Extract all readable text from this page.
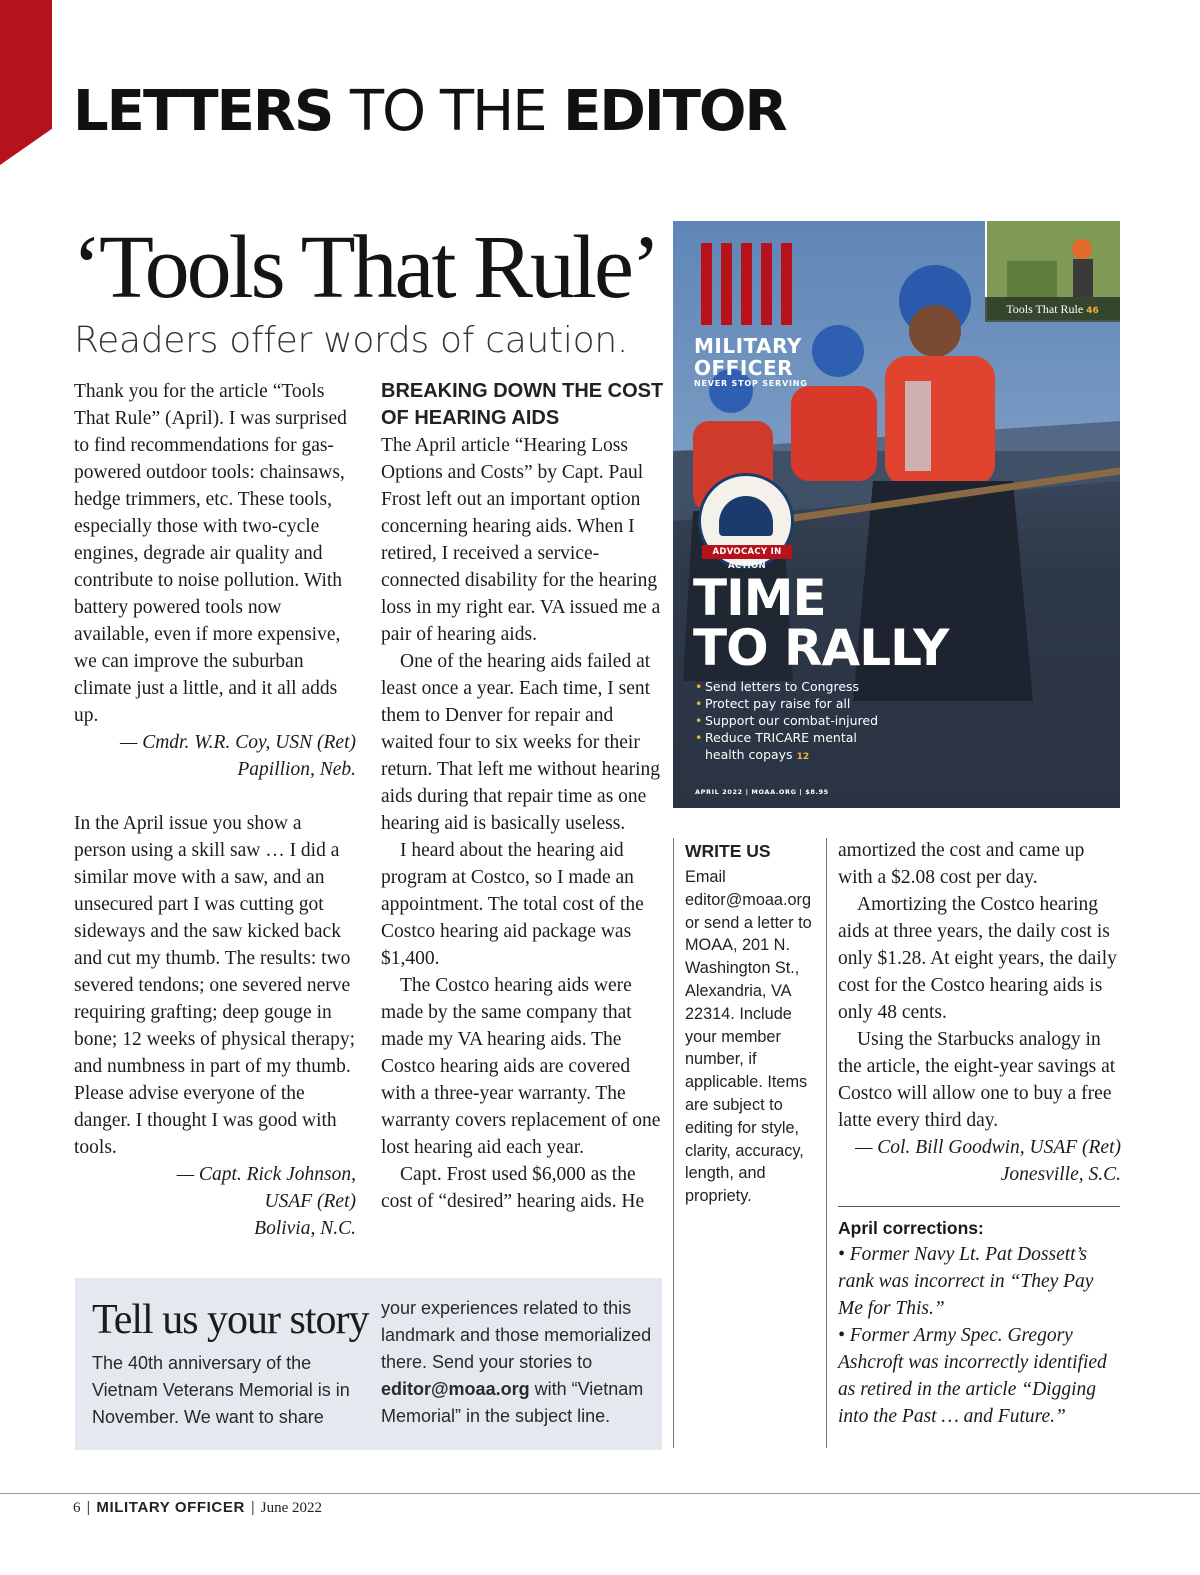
LETTERS TO THE EDITOR
‘Tools That Rule’
Readers offer words of caution.

Thank you for the article “Tools That Rule” (April). I was surprised to find recommendations for gas-powered outdoor tools: chainsaws, hedge trimmers, etc. These tools, especially those with two-cycle engines, degrade air quality and contribute to noise pollution. With battery powered tools now available, even if more expensive, we can improve the suburban climate just a little, and it all adds up.

— Cmdr. W.R. Coy, USN (Ret)
Papillion, Neb.

In the April issue you show a person using a skill saw … I did a similar move with a saw, and an unsecured part I was cutting got sideways and the saw kicked back and cut my thumb. The results: two severed tendons; one severed nerve requiring grafting; deep gouge in bone; 12 weeks of physical therapy; and numbness in part of my thumb. Please advise everyone of the danger. I thought I was good with tools.

— Capt. Rick Johnson,
USAF (Ret)
Bolivia, N.C.
BREAKING DOWN THE COST OF HEARING AIDS

The April article “Hearing Loss Options and Costs” by Capt. Paul Frost left out an important option concerning hearing aids. When I retired, I received a service-connected disability for the hearing loss in my right ear. VA issued me a pair of hearing aids.

One of the hearing aids failed at least once a year. Each time, I sent them to Denver for repair and waited four to six weeks for their return. That left me without hearing aids during that repair time as one hearing aid is basically useless.

I heard about the hearing aid program at Costco, so I made an appointment. The total cost of the Costco hearing aid package was $1,400.

The Costco hearing aids were made by the same company that made my VA hearing aids. The Costco hearing aids are covered with a three-year warranty. The warranty covers replacement of one lost hearing aid each year.

Capt. Frost used $6,000 as the cost of “desired” hearing aids. He

Tools That Rule 46
MILITARY
OFFICER
NEVER STOP SERVING
ADVOCACY IN ACTION
TIME
TO RALLY
• Send letters to Congress
• Protect pay raise for all
• Support our combat-injured
• Reduce TRICARE mental health copays 12
APRIL 2022 | MOAA.ORG | $8.95

WRITE US

Email editor@moaa.org or send a letter to MOAA, 201 N. Washington St., Alexandria, VA 22314. Include your member number, if applicable. Items are subject to editing for style, clarity, accuracy, length, and propriety.

amortized the cost and came up with a $2.08 cost per day.

Amortizing the Costco hearing aids at three years, the daily cost is only $1.28. At eight years, the daily cost for the Costco hearing aids is only 48 cents.

Using the Starbucks analogy in the article, the eight-year savings at Costco will allow one to buy a free latte every third day.

— Col. Bill Goodwin, USAF (Ret)
Jonesville, S.C.

April corrections:

• Former Navy Lt. Pat Dossett’s rank was incorrect in “They Pay Me for This.”

• Former Army Spec. Gregory Ashcroft was incorrectly identified as retired in the article “Digging into the Past … and Future.”

Tell us your story

The 40th anniversary of the Vietnam Veterans Memorial is in November. We want to share

your experiences related to this landmark and those memorialized there. Send your stories to editor@moaa.org with “Vietnam Memorial” in the subject line.

6 | MILITARY OFFICER | June 2022
